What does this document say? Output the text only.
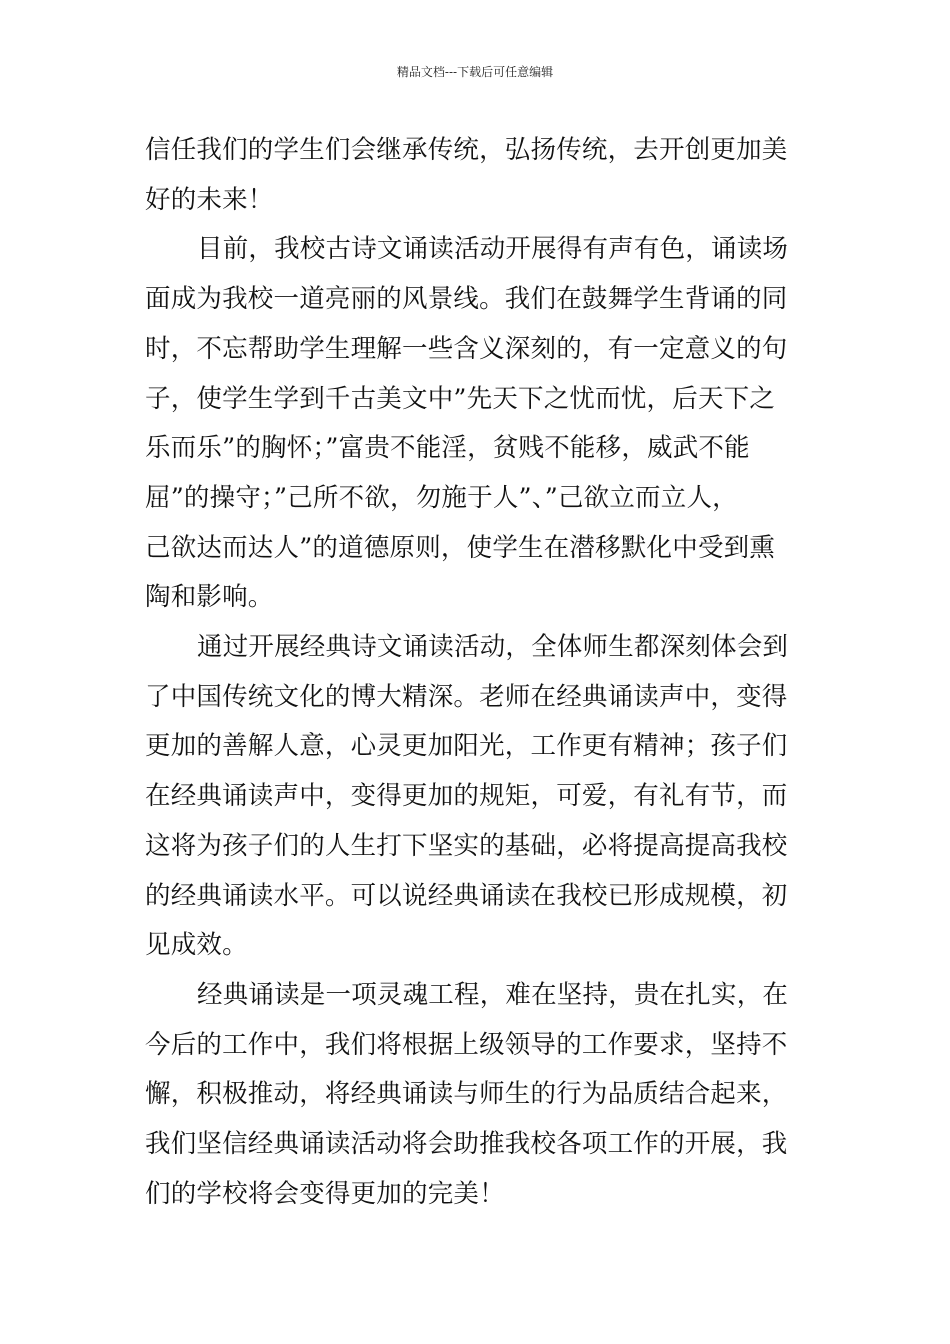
精品文档---下载后可任意编辑

信任我们的学生们会继承传统，弘扬传统，去开创更加美
好的未来！

目前，我校古诗文诵读活动开展得有声有色，诵读场
面成为我校一道亮丽的风景线。我们在鼓舞学生背诵的同
时，不忘帮助学生理解一些含义深刻的，有一定意义的句
子，使学生学到千古美文中”先天下之忧而忧，后天下之
乐而乐”的胸怀；”富贵不能淫，贫贱不能移，威武不能
屈”的操守；”己所不欲，勿施于人”、”己欲立而立人，
己欲达而达人”的道德原则，使学生在潜移默化中受到熏
陶和影响。

通过开展经典诗文诵读活动，全体师生都深刻体会到
了中国传统文化的博大精深。老师在经典诵读声中，变得
更加的善解人意，心灵更加阳光，工作更有精神；孩子们
在经典诵读声中，变得更加的规矩，可爱，有礼有节，而
这将为孩子们的人生打下坚实的基础，必将提高提高我校
的经典诵读水平。可以说经典诵读在我校已形成规模，初
见成效。

经典诵读是一项灵魂工程，难在坚持，贵在扎实，在
今后的工作中，我们将根据上级领导的工作要求，坚持不
懈，积极推动，将经典诵读与师生的行为品质结合起来，
我们坚信经典诵读活动将会助推我校各项工作的开展，我
们的学校将会变得更加的完美！
